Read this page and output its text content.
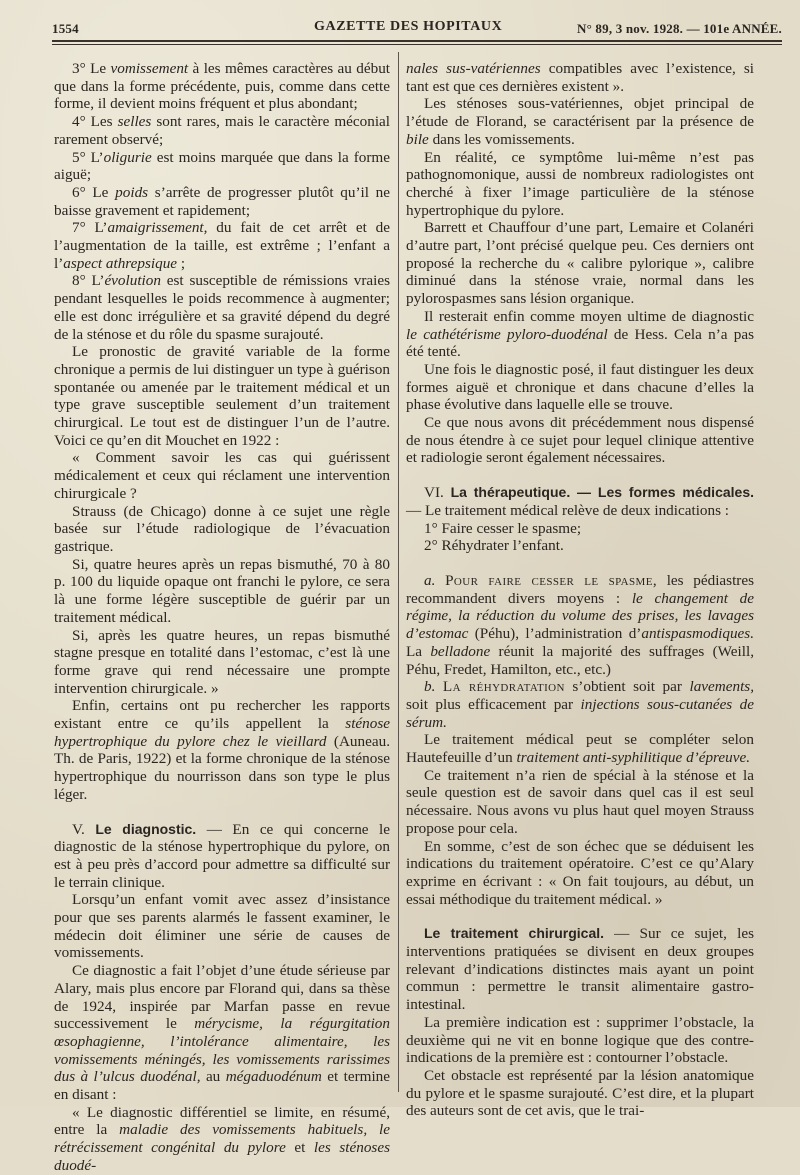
1554	GAZETTE DES HOPITAUX	N° 89, 3 nov. 1928. — 101e ANNÉE.

3° Le vomissement à les mêmes caractères au début que dans la forme précédente, puis, comme dans cette forme, il devient moins fréquent et plus abondant;

4° Les selles sont rares, mais le caractère méconial rarement observé;

5° L’oligurie est moins marquée que dans la forme aiguë;

6° Le poids s’arrête de progresser plutôt qu’il ne baisse gravement et rapidement;

7° L’amaigrissement, du fait de cet arrêt et de l’augmentation de la taille, est extrême ; l’enfant a l’aspect athrepsique ;

8° L’évolution est susceptible de rémissions vraies pendant lesquelles le poids recommence à augmenter; elle est donc irrégulière et sa gravité dépend du degré de la sténose et du rôle du spasme surajouté.

Le pronostic de gravité variable de la forme chronique a permis de lui distinguer un type à guérison spontanée ou amenée par le traitement médical et un type grave susceptible seulement d’un traitement chirurgical. Le tout est de distinguer l’un de l’autre. Voici ce qu’en dit Mouchet en 1922 :

« Comment savoir les cas qui guérissent médicalement et ceux qui réclament une intervention chirurgicale ?

Strauss (de Chicago) donne à ce sujet une règle basée sur l’étude radiologique de l’évacuation gastrique.

Si, quatre heures après un repas bismuthé, 70 à 80 p. 100 du liquide opaque ont franchi le pylore, ce sera là une forme légère susceptible de guérir par un traitement médical.

Si, après les quatre heures, un repas bismuthé stagne presque en totalité dans l’estomac, c’est là une forme grave qui rend nécessaire une prompte intervention chirurgicale. »

Enfin, certains ont pu rechercher les rapports existant entre ce qu’ils appellent la sténose hypertrophique du pylore chez le vieillard (Auneau. Th. de Paris, 1922) et la forme chronique de la sténose hypertrophique du nourrisson dans son type le plus léger.

V. Le diagnostic. — En ce qui concerne le diagnostic de la sténose hypertrophique du pylore, on est à peu près d’accord pour admettre sa difficulté sur le terrain clinique.

Lorsqu’un enfant vomit avec assez d’insistance pour que ses parents alarmés le fassent examiner, le médecin doit éliminer une série de causes de vomissements.

Ce diagnostic a fait l’objet d’une étude sérieuse par Alary, mais plus encore par Florand qui, dans sa thèse de 1924, inspirée par Marfan passe en revue successivement le mérycisme, la régurgitation œsophagienne, l’intolérance alimentaire, les vomissements méningés, les vomissements rarissimes dus à l’ulcus duodénal, au mégaduodénum et termine en disant :

« Le diagnostic différentiel se limite, en résumé, entre la maladie des vomissements habituels, le rétrécissement congénital du pylore et les sténoses duodé-

nales sus-vatériennes compatibles avec l’existence, si tant est que ces dernières existent ».

Les sténoses sous-vatériennes, objet principal de l’étude de Florand, se caractérisent par la présence de bile dans les vomissements.

En réalité, ce symptôme lui-même n’est pas pathognomonique, aussi de nombreux radiologistes ont cherché à fixer l’image particulière de la sténose hypertrophique du pylore.

Barrett et Chauffour d’une part, Lemaire et Colanéri d’autre part, l’ont précisé quelque peu. Ces derniers ont proposé la recherche du « calibre pylorique », calibre diminué dans la sténose vraie, normal dans les pylorospasmes sans lésion organique.

Il resterait enfin comme moyen ultime de diagnostic le cathétérisme pyloro-duodénal de Hess. Cela n’a pas été tenté.

Une fois le diagnostic posé, il faut distinguer les deux formes aiguë et chronique et dans chacune d’elles la phase évolutive dans laquelle elle se trouve.

Ce que nous avons dit précédemment nous dispensé de nous étendre à ce sujet pour lequel clinique attentive et radiologie seront également nécessaires.

VI. La thérapeutique. — Les formes médicales. — Le traitement médical relève de deux indications :

1° Faire cesser le spasme;

2° Réhydrater l’enfant.

a. Pour faire cesser le spasme, les pédiastres recommandent divers moyens : le changement de régime, la réduction du volume des prises, les lavages d’estomac (Péhu), l’administration d’antispasmodiques. La belladone réunit la majorité des suffrages (Weill, Péhu, Fredet, Hamilton, etc., etc.)

b. La réhydratation s’obtient soit par lavements, soit plus efficacement par injections sous-cutanées de sérum.

Le traitement médical peut se compléter selon Hautefeuille d’un traitement anti-syphilitique d’épreuve.

Ce traitement n’a rien de spécial à la sténose et la seule question est de savoir dans quel cas il est seul nécessaire. Nous avons vu plus haut quel moyen Strauss propose pour cela.

En somme, c’est de son échec que se déduisent les indications du traitement opératoire. C’est ce qu’Alary exprime en écrivant : « On fait toujours, au début, un essai méthodique du traitement médical. »

Le traitement chirurgical. — Sur ce sujet, les interventions pratiquées se divisent en deux groupes relevant d’indications distinctes mais ayant un point commun : permettre le transit alimentaire gastro-intestinal.

La première indication est : supprimer l’obstacle, la deuxième qui ne vit en bonne logique que des contre-indications de la première est : contourner l’obstacle.

Cet obstacle est représenté par la lésion anatomique du pylore et le spasme surajouté. C’est dire, et la plupart des auteurs sont de cet avis, que le trai-
